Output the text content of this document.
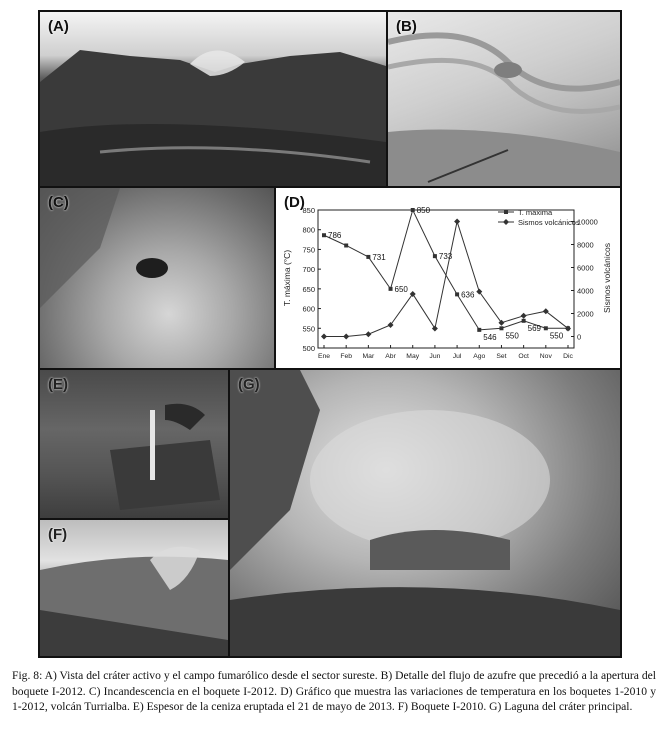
(A)	(B)
(C)
500
550
600
650
700
750
800
850
0
2000
4000
6000
8000
10000
Ene Feb Mar Abr May Jun Jul Ago Set Oct Nov Dic
786
731
650
850
733
636
546 550
569
550
T. máxima
Sismos volcánicos
T. máxima (°C)	Sismos volcánicos
(D)
(E)
(F)
(G)
Fig. 8: A) Vista del cráter activo y el campo fumarólico desde el sector sureste. B) Detalle del flujo de azufre que precedió a la apertura del boquete I-2012. C) Incandescencia en el boquete I-2012. D) Gráfico que muestra las variaciones de temperatura en los boquetes 1-2010 y 1-2012, volcán Turrialba. E) Espesor de la ceniza eruptada el 21 de mayo de 2013. F) Boquete I-2010. G) Laguna del cráter principal.
